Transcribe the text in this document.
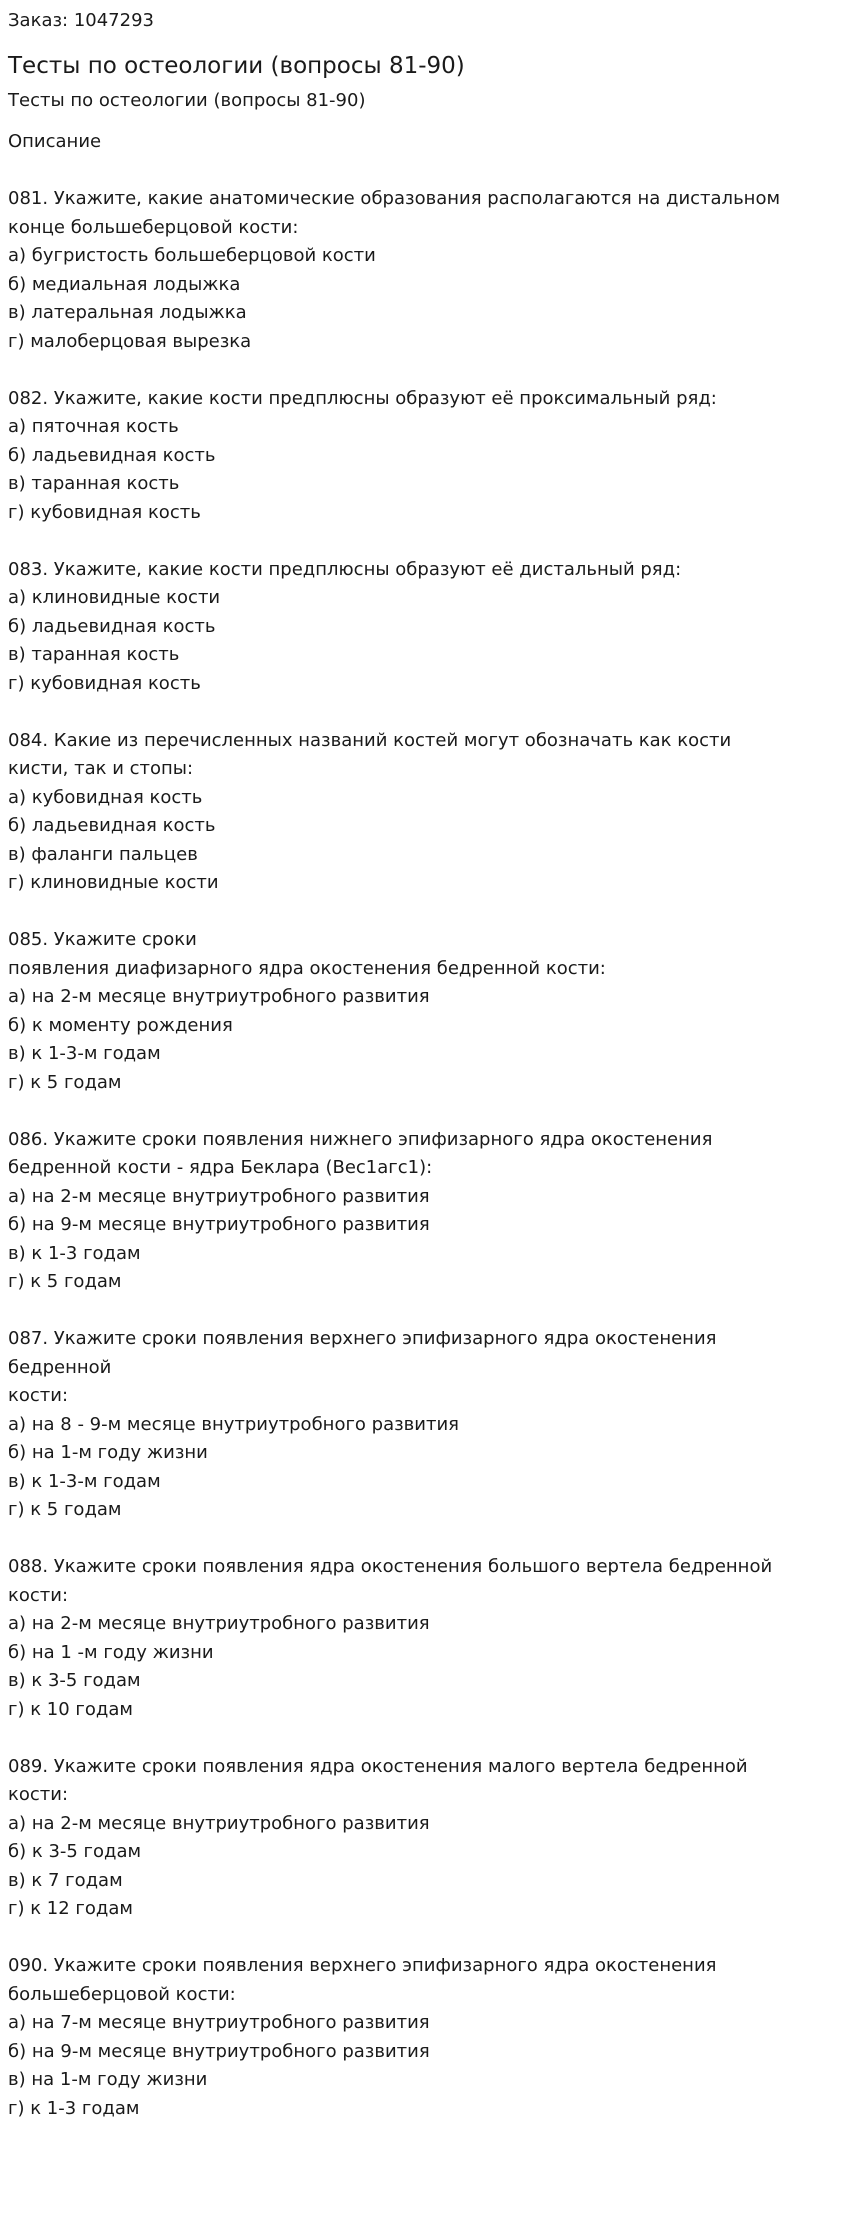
Заказ: 1047293

Тесты по остеологии (вопросы 81-90)

Тесты по остеологии (вопросы 81-90)

Описание

081. Укажите, какие анатомические образования располагаются на дистальном

конце большеберцовой кости:

а) бугристость большеберцовой кости

б) медиальная лодыжка

в) латеральная лодыжка

г) малоберцовая вырезка

082. Укажите, какие кости предплюсны образуют её проксимальный ряд:

а) пяточная кость

б) ладьевидная кость

в) таранная кость

г) кубовидная кость

083. Укажите, какие кости предплюсны образуют её дистальный ряд:

а) клиновидные кости

б) ладьевидная кость

в) таранная кость

г) кубовидная кость

084. Какие из перечисленных названий костей могут обозначать как кости

кисти, так и стопы:

а) кубовидная кость

б) ладьевидная кость

в) фаланги пальцев

г) клиновидные кости

085. Укажите сроки

появления диафизарного ядра окостенения бедренной кости:

а) на 2-м месяце внутриутробного развития

б) к моменту рождения

в) к 1-3-м годам

г) к 5 годам

086. Укажите сроки появления нижнего эпифизарного ядра окостенения

бедренной кости - ядра Беклара (Вес1агс1):

а) на 2-м месяце внутриутробного развития

б) на 9-м месяце внутриутробного развития

в) к 1-3 годам

г) к 5 годам

087. Укажите сроки появления верхнего эпифизарного ядра окостенения

бедренной

кости:

а) на 8 - 9-м месяце внутриутробного развития

б) на 1-м году жизни

в) к 1-3-м годам

г) к 5 годам

088. Укажите сроки появления ядра окостенения большого вертела бедренной

кости:

а) на 2-м месяце внутриутробного развития

б) на 1 -м году жизни

в) к 3-5 годам

г) к 10 годам

089. Укажите сроки появления ядра окостенения малого вертела бедренной

кости:

а) на 2-м месяце внутриутробного развития

б) к 3-5 годам

в) к 7 годам

г) к 12 годам

090. Укажите сроки появления верхнего эпифизарного ядра окостенения

большеберцовой кости:

а) на 7-м месяце внутриутробного развития

б) на 9-м месяце внутриутробного развития

в) на 1-м году жизни

г) к 1-3 годам
